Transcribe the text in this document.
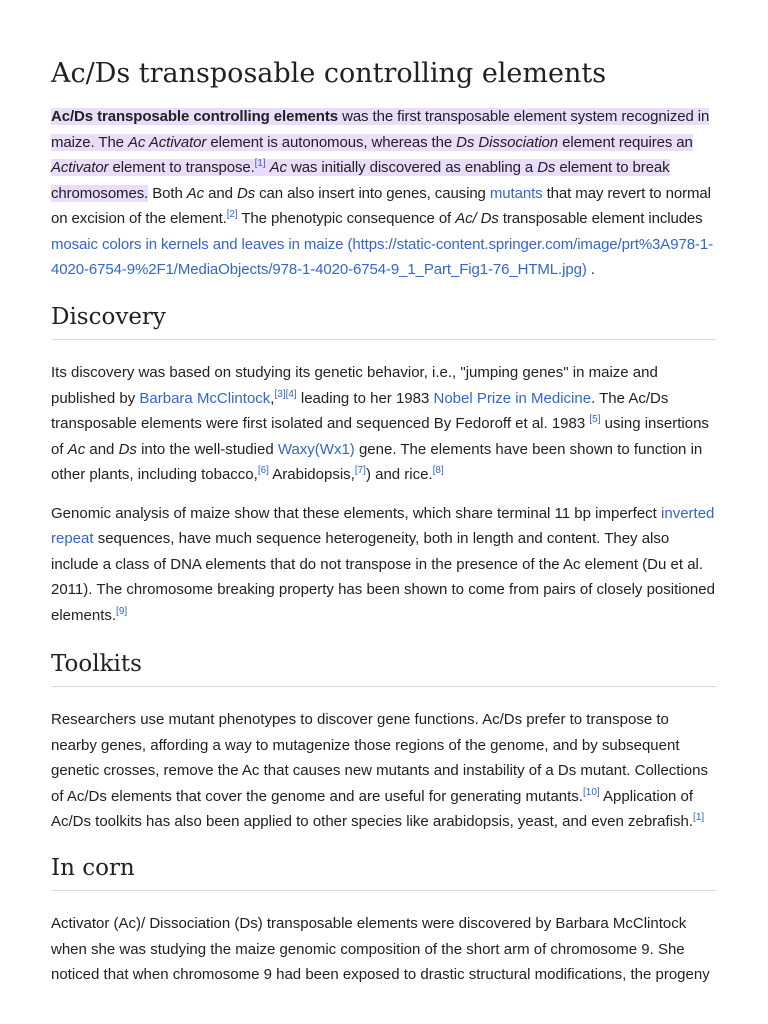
Ac/Ds transposable controlling elements

Ac/Ds transposable controlling elements was the first transposable element system recognized in maize. The Ac Activator element is autonomous, whereas the Ds Dissociation element requires an Activator element to transpose.[1] Ac was initially discovered as enabling a Ds element to break chromosomes. Both Ac and Ds can also insert into genes, causing mutants that may revert to normal on excision of the element.[2] The phenotypic consequence of Ac/ Ds transposable element includes mosaic colors in kernels and leaves in maize (https://static-content.springer.com/image/prt%3A978-1-4020-6754-9%2F1/MediaObjects/978-1-4020-6754-9_1_Part_Fig1-76_HTML.jpg) .

Discovery

Its discovery was based on studying its genetic behavior, i.e., "jumping genes" in maize and published by Barbara McClintock,[3][4] leading to her 1983 Nobel Prize in Medicine. The Ac/Ds transposable elements were first isolated and sequenced By Fedoroff et al. 1983 [5] using insertions of Ac and Ds into the well-studied Waxy(Wx1) gene. The elements have been shown to function in other plants, including tobacco,[6] Arabidopsis,[7]) and rice.[8]

Genomic analysis of maize show that these elements, which share terminal 11 bp imperfect inverted repeat sequences, have much sequence heterogeneity, both in length and content. They also include a class of DNA elements that do not transpose in the presence of the Ac element (Du et al. 2011). The chromosome breaking property has been shown to come from pairs of closely positioned elements.[9]

Toolkits

Researchers use mutant phenotypes to discover gene functions. Ac/Ds prefer to transpose to nearby genes, affording a way to mutagenize those regions of the genome, and by subsequent genetic crosses, remove the Ac that causes new mutants and instability of a Ds mutant. Collections of Ac/Ds elements that cover the genome and are useful for generating mutants.[10] Application of Ac/Ds toolkits has also been applied to other species like arabidopsis, yeast, and even zebrafish.[1]

In corn

Activator (Ac)/ Dissociation (Ds) transposable elements were discovered by Barbara McClintock when she was studying the maize genomic composition of the short arm of chromosome 9. She noticed that when chromosome 9 had been exposed to drastic structural modifications, the progeny
